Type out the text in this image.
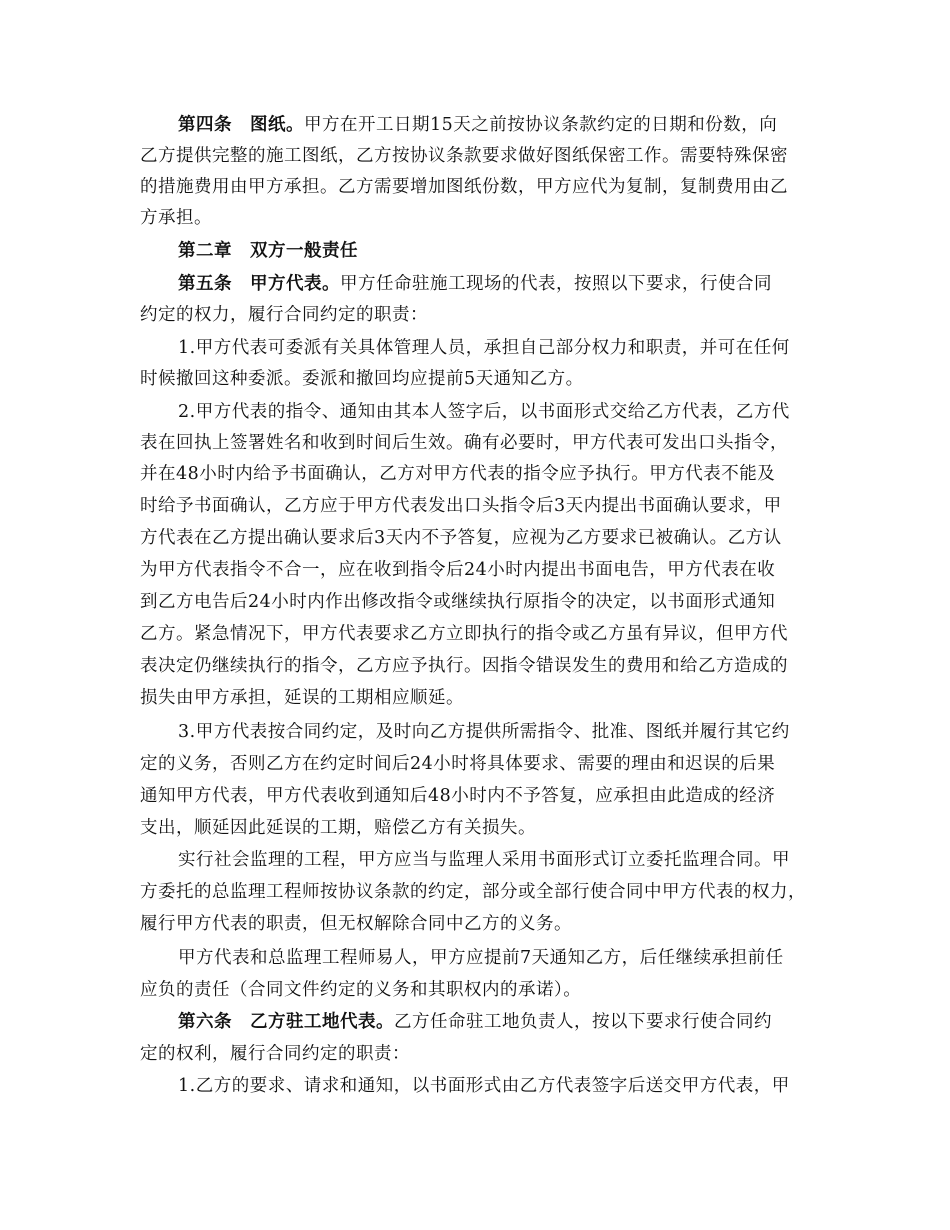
第四条　图纸。甲方在开工日期15天之前按协议条款约定的日期和份数，向
乙方提供完整的施工图纸，乙方按协议条款要求做好图纸保密工作。需要特殊保密
的措施费用由甲方承担。乙方需要增加图纸份数，甲方应代为复制，复制费用由乙
方承担。
第二章　双方一般责任
第五条　甲方代表。甲方任命驻施工现场的代表，按照以下要求，行使合同
约定的权力，履行合同约定的职责：
1.甲方代表可委派有关具体管理人员，承担自己部分权力和职责，并可在任何
时候撤回这种委派。委派和撤回均应提前5天通知乙方。
2.甲方代表的指令、通知由其本人签字后，以书面形式交给乙方代表，乙方代
表在回执上签署姓名和收到时间后生效。确有必要时，甲方代表可发出口头指令，
并在48小时内给予书面确认，乙方对甲方代表的指令应予执行。甲方代表不能及
时给予书面确认，乙方应于甲方代表发出口头指令后3天内提出书面确认要求，甲
方代表在乙方提出确认要求后3天内不予答复，应视为乙方要求已被确认。乙方认
为甲方代表指令不合一，应在收到指令后24小时内提出书面电告，甲方代表在收
到乙方电告后24小时内作出修改指令或继续执行原指令的决定，以书面形式通知
乙方。紧急情况下，甲方代表要求乙方立即执行的指令或乙方虽有异议，但甲方代
表决定仍继续执行的指令，乙方应予执行。因指令错误发生的费用和给乙方造成的
损失由甲方承担，延误的工期相应顺延。
3.甲方代表按合同约定，及时向乙方提供所需指令、批准、图纸并履行其它约
定的义务，否则乙方在约定时间后24小时将具体要求、需要的理由和迟误的后果
通知甲方代表，甲方代表收到通知后48小时内不予答复，应承担由此造成的经济
支出，顺延因此延误的工期，赔偿乙方有关损失。
实行社会监理的工程，甲方应当与监理人采用书面形式订立委托监理合同。甲
方委托的总监理工程师按协议条款的约定，部分或全部行使合同中甲方代表的权力，
履行甲方代表的职责，但无权解除合同中乙方的义务。
甲方代表和总监理工程师易人，甲方应提前7天通知乙方，后任继续承担前任
应负的责任（合同文件约定的义务和其职权内的承诺）。
第六条　乙方驻工地代表。乙方任命驻工地负责人，按以下要求行使合同约
定的权利，履行合同约定的职责：
1.乙方的要求、请求和通知，以书面形式由乙方代表签字后送交甲方代表，甲
